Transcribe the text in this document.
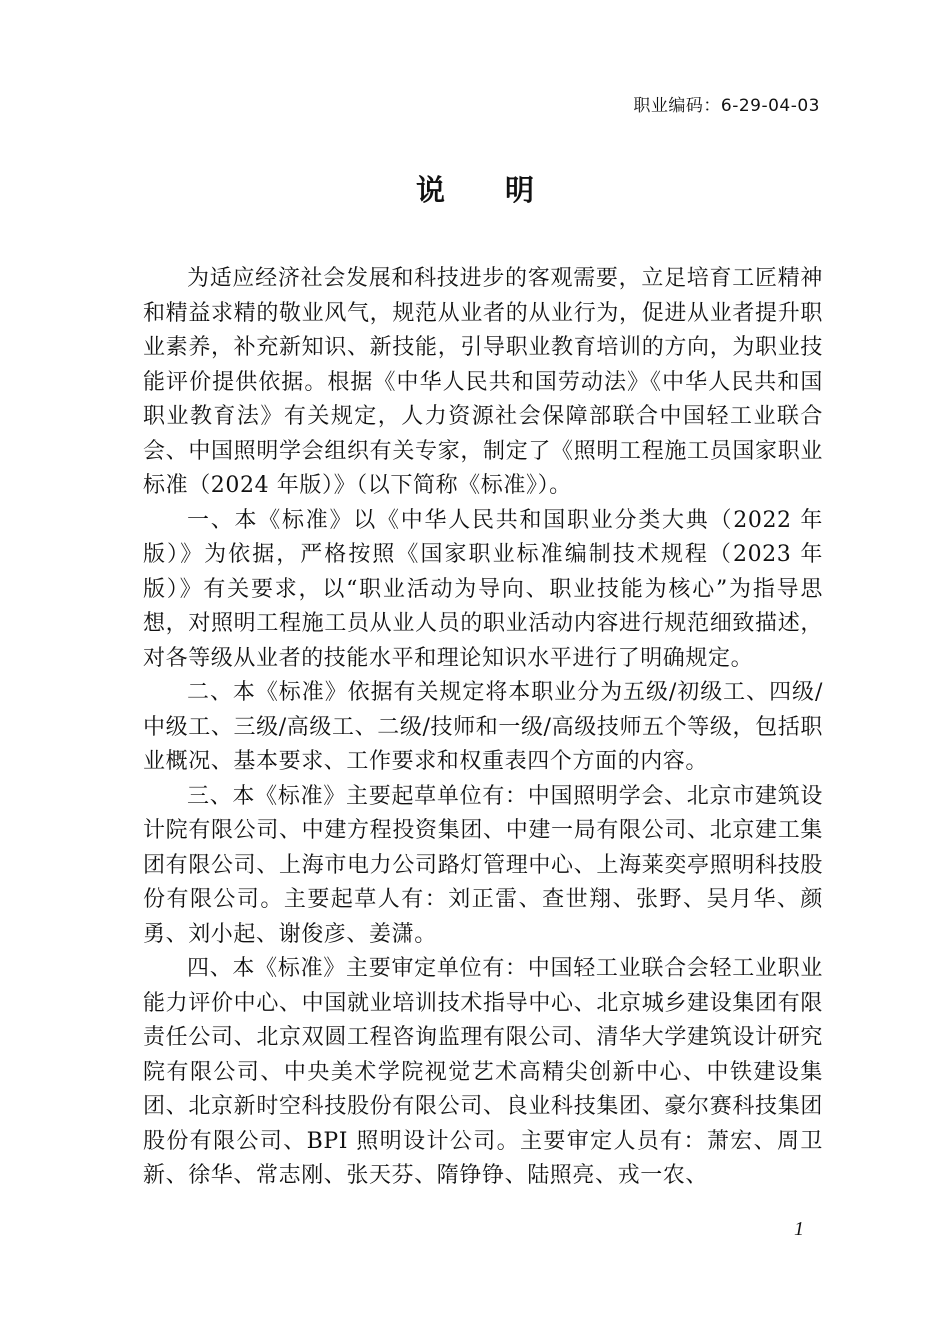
职业编码：6-29-04-03
说明

为适应经济社会发展和科技进步的客观需要，立足培育工匠精神和精益求精的敬业风气，规范从业者的从业行为，促进从业者提升职业素养，补充新知识、新技能，引导职业教育培训的方向，为职业技能评价提供依据。根据《中华人民共和国劳动法》《中华人民共和国职业教育法》有关规定，人力资源社会保障部联合中国轻工业联合会、中国照明学会组织有关专家，制定了《照明工程施工员国家职业标准（2024 年版）》（以下简称《标准》）。

一、本《标准》以《中华人民共和国职业分类大典（2022 年版）》为依据，严格按照《国家职业标准编制技术规程（2023 年版）》有关要求，以“职业活动为导向、职业技能为核心”为指导思想，对照明工程施工员从业人员的职业活动内容进行规范细致描述，对各等级从业者的技能水平和理论知识水平进行了明确规定。

二、本《标准》依据有关规定将本职业分为五级/初级工、四级/中级工、三级/高级工、二级/技师和一级/高级技师五个等级，包括职业概况、基本要求、工作要求和权重表四个方面的内容。

三、本《标准》主要起草单位有：中国照明学会、北京市建筑设计院有限公司、中建方程投资集团、中建一局有限公司、北京建工集团有限公司、上海市电力公司路灯管理中心、上海莱奕亭照明科技股份有限公司。主要起草人有：刘正雷、查世翔、张野、吴月华、颜勇、刘小起、谢俊彦、姜潇。

四、本《标准》主要审定单位有：中国轻工业联合会轻工业职业能力评价中心、中国就业培训技术指导中心、北京城乡建设集团有限责任公司、北京双圆工程咨询监理有限公司、清华大学建筑设计研究院有限公司、中央美术学院视觉艺术高精尖创新中心、中铁建设集团、北京新时空科技股份有限公司、良业科技集团、豪尔赛科技集团股份有限公司、BPI 照明设计公司。主要审定人员有：萧宏、周卫新、徐华、常志刚、张天芬、隋铮铮、陆照亮、戎一农、

1
